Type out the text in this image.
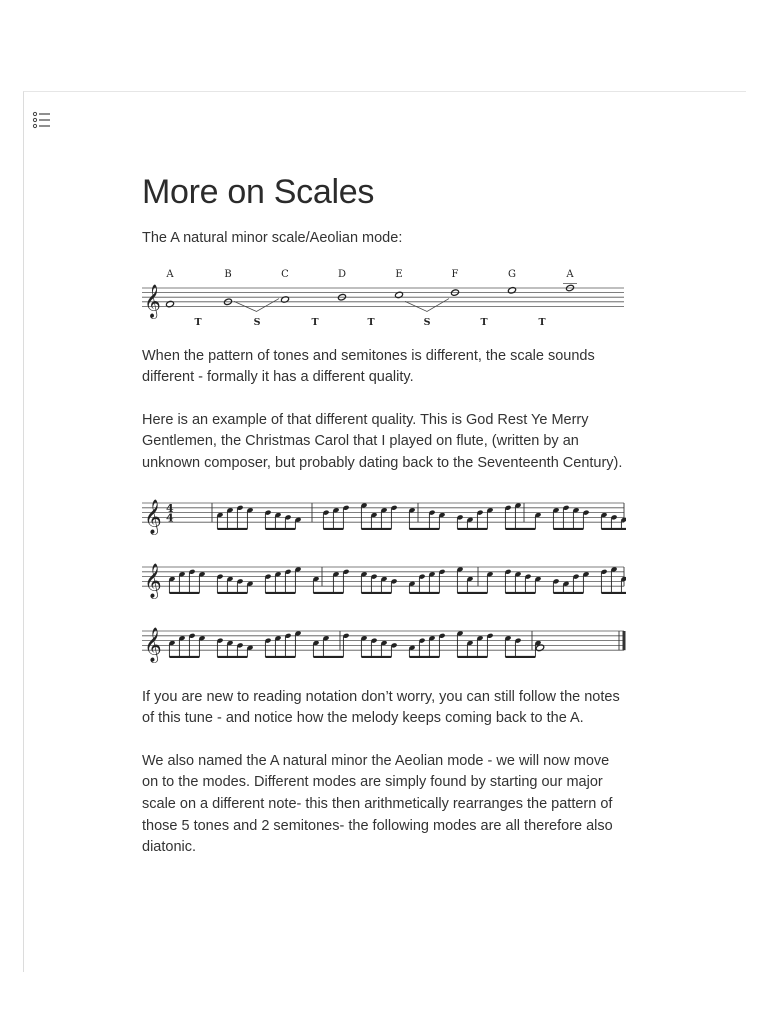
More on Scales

The A natural minor scale/Aeolian mode:

𝄞
A	B	C	D	E	F	G	A
T	S	T	T	S	T	T

When the pattern of tones and semitones is different, the scale sounds different - formally it has a different quality.

Here is an example of that different quality. This is God Rest Ye Merry Gentlemen, the Christmas Carol that I played on flute, (written by an unknown composer, but probably dating back to the Seventeenth Century).

𝄞 4
4
𝄞
𝄞

If you are new to reading notation don’t worry, you can still follow the notes of this tune - and notice how the melody keeps coming back to the A.

We also named the A natural minor the Aeolian mode - we will now move on to the modes. Different modes are simply found by starting our major scale on a different note- this then arithmetically rearranges the pattern of those 5 tones and 2 semitones- the following modes are all therefore also diatonic.
